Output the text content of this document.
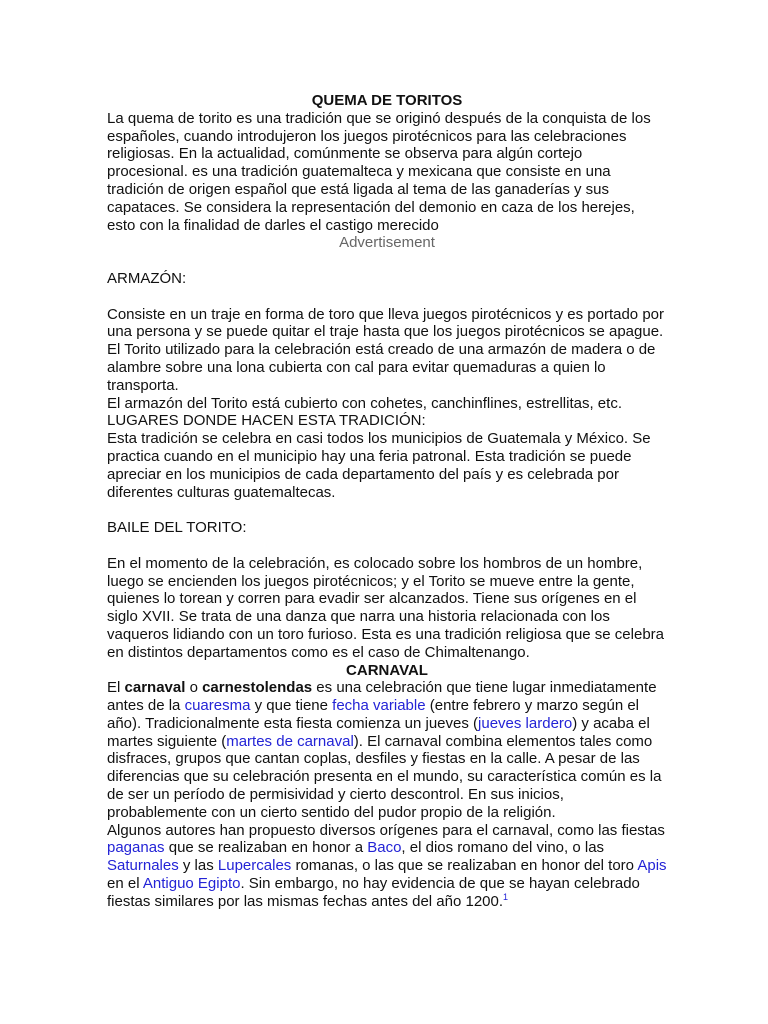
QUEMA DE TORITOS

La quema de torito es una tradición que se originó después de la conquista de los españoles, cuando introdujeron los juegos pirotécnicos para las celebraciones religiosas. En la actualidad, comúnmente se observa para algún cortejo procesional. es una tradición guatemalteca y mexicana que consiste en una tradición de origen español que está ligada al tema de las ganaderías y sus capataces. Se considera la representación del demonio en caza de los herejes, esto con la finalidad de darles el castigo merecido

Advertisement

ARMAZÓN:

Consiste en un traje en forma de toro que lleva juegos pirotécnicos y es portado por una persona y se puede quitar el traje hasta que los juegos pirotécnicos se apague.

El Torito utilizado para la celebración está creado de una armazón de madera o de alambre sobre una lona cubierta con cal para evitar quemaduras a quien lo transporta.

El armazón del Torito está cubierto con cohetes, canchinflines, estrellitas, etc.

LUGARES DONDE HACEN ESTA TRADICIÓN:

Esta tradición se celebra en casi todos los municipios de Guatemala y México. Se practica cuando en el municipio hay una feria patronal. Esta tradición se puede apreciar en los municipios de cada departamento del país y es celebrada por diferentes culturas guatemaltecas.

BAILE DEL TORITO:

En el momento de la celebración, es colocado sobre los hombros de un hombre, luego se encienden los juegos pirotécnicos; y el Torito se mueve entre la gente, quienes lo torean y corren para evadir ser alcanzados. Tiene sus orígenes en el siglo XVII. Se trata de una danza que narra una historia relacionada con los vaqueros lidiando con un toro furioso. Esta es una tradición religiosa que se celebra en distintos departamentos como es el caso de Chimaltenango.

CARNAVAL

El carnaval o carnestolendas es una celebración que tiene lugar inmediatamente antes de la cuaresma y que tiene fecha variable (entre febrero y marzo según el año). Tradicionalmente esta fiesta comienza un jueves (jueves lardero) y acaba el martes siguiente (martes de carnaval). El carnaval combina elementos tales como disfraces, grupos que cantan coplas, desfiles y fiestas en la calle. A pesar de las diferencias que su celebración presenta en el mundo, su característica común es la de ser un período de permisividad y cierto descontrol. En sus inicios, probablemente con un cierto sentido del pudor propio de la religión.

Algunos autores han propuesto diversos orígenes para el carnaval, como las fiestas paganas que se realizaban en honor a Baco, el dios romano del vino, o las Saturnales y las Lupercales romanas, o las que se realizaban en honor del toro Apis en el Antiguo Egipto. Sin embargo, no hay evidencia de que se hayan celebrado fiestas similares por las mismas fechas antes del año 1200.$^1$
